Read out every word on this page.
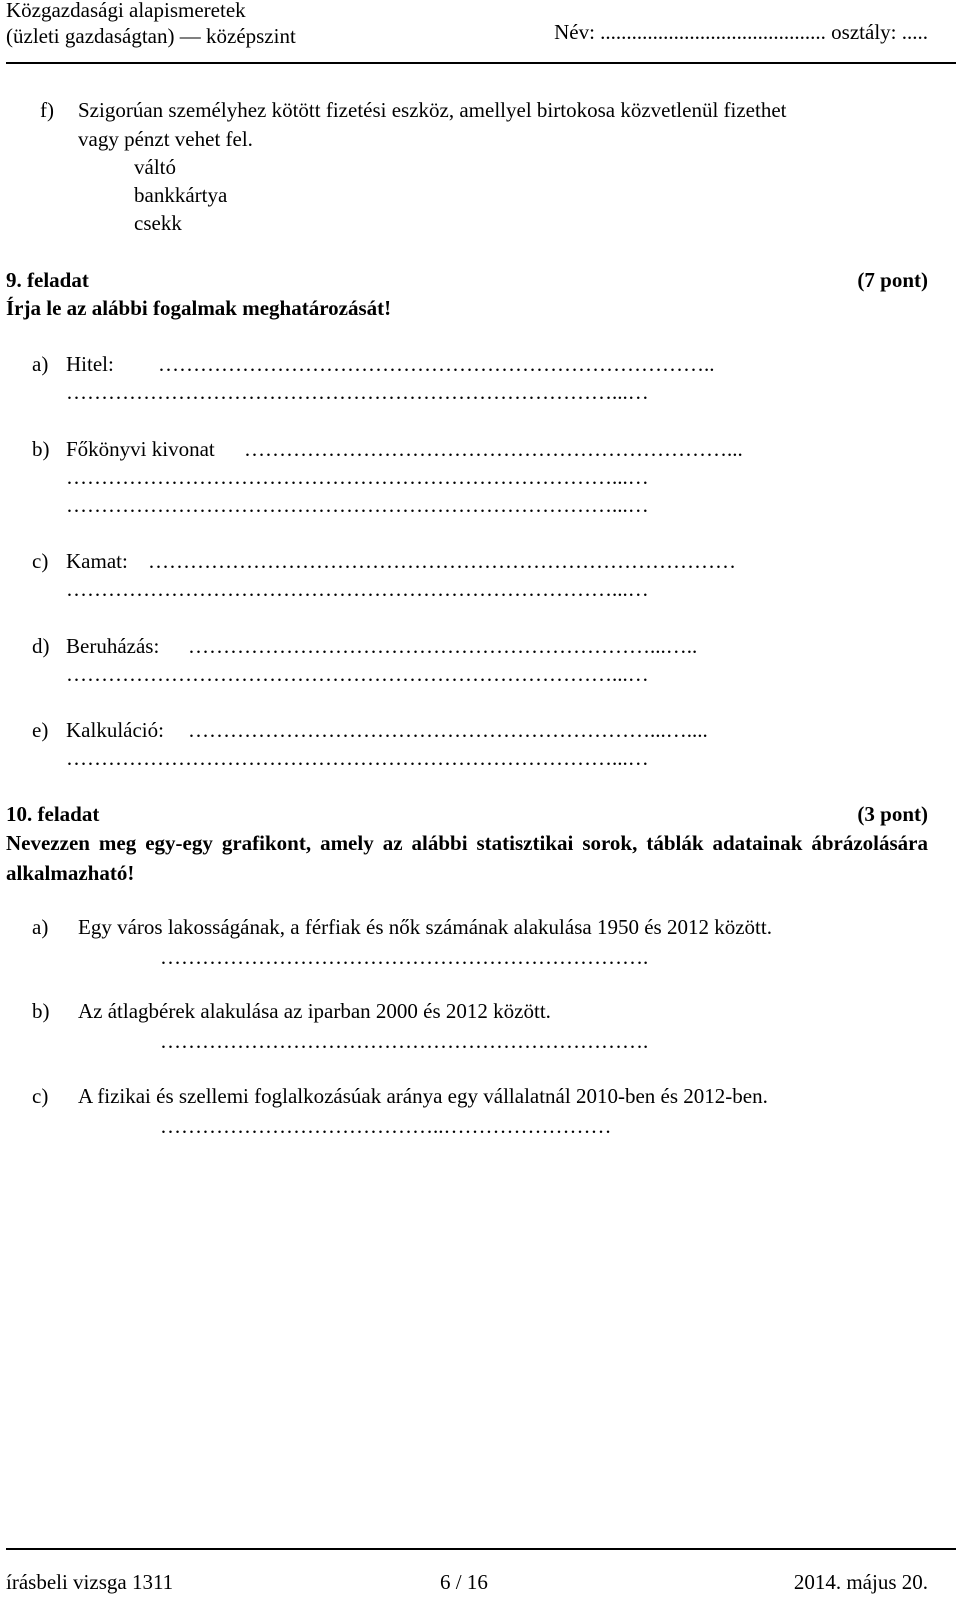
Közgazdasági alapismeretek
(üzleti gazdaságtan) — középszint	Név: ........................................... osztály: .....
f) Szigorúan személyhez kötött fizetési eszköz, amellyel birtokosa közvetlenül fizethet
vagy pénzt vehet fel.
váltó
bankkártya
csekk
9. feladat	(7 pont)
Írja le az alábbi fogalmak meghatározását!
a) Hitel: ……………………………………………………………………..
……………………………………………………………………...…
b) Főkönyvi kivonat ……………………………………………………………...
……………………………………………………………………...…
……………………………………………………………………...…
c) Kamat: …………………………………………………………………………
……………………………………………………………………...…
d) Beruházás: …………………………………………………………...…..
……………………………………………………………………...…
e) Kalkuláció: …………………………………………………………...…....
……………………………………………………………………...…
10. feladat	(3 pont)
Nevezzen meg egy-egy grafikont, amely az alábbi statisztikai sorok, táblák adatainak ábrázolására alkalmazható!
a) Egy város lakosságának, a férfiak és nők számának alakulása 1950 és 2012 között.
…………………………………………………………….
b) Az átlagbérek alakulása az iparban 2000 és 2012 között.
…………………………………………………………….
c) A fizikai és szellemi foglalkozásúak aránya egy vállalatnál 2010-ben és 2012-ben.
…………………………………..……………………
írásbeli vizsga 1311	6 / 16	2014. május 20.
